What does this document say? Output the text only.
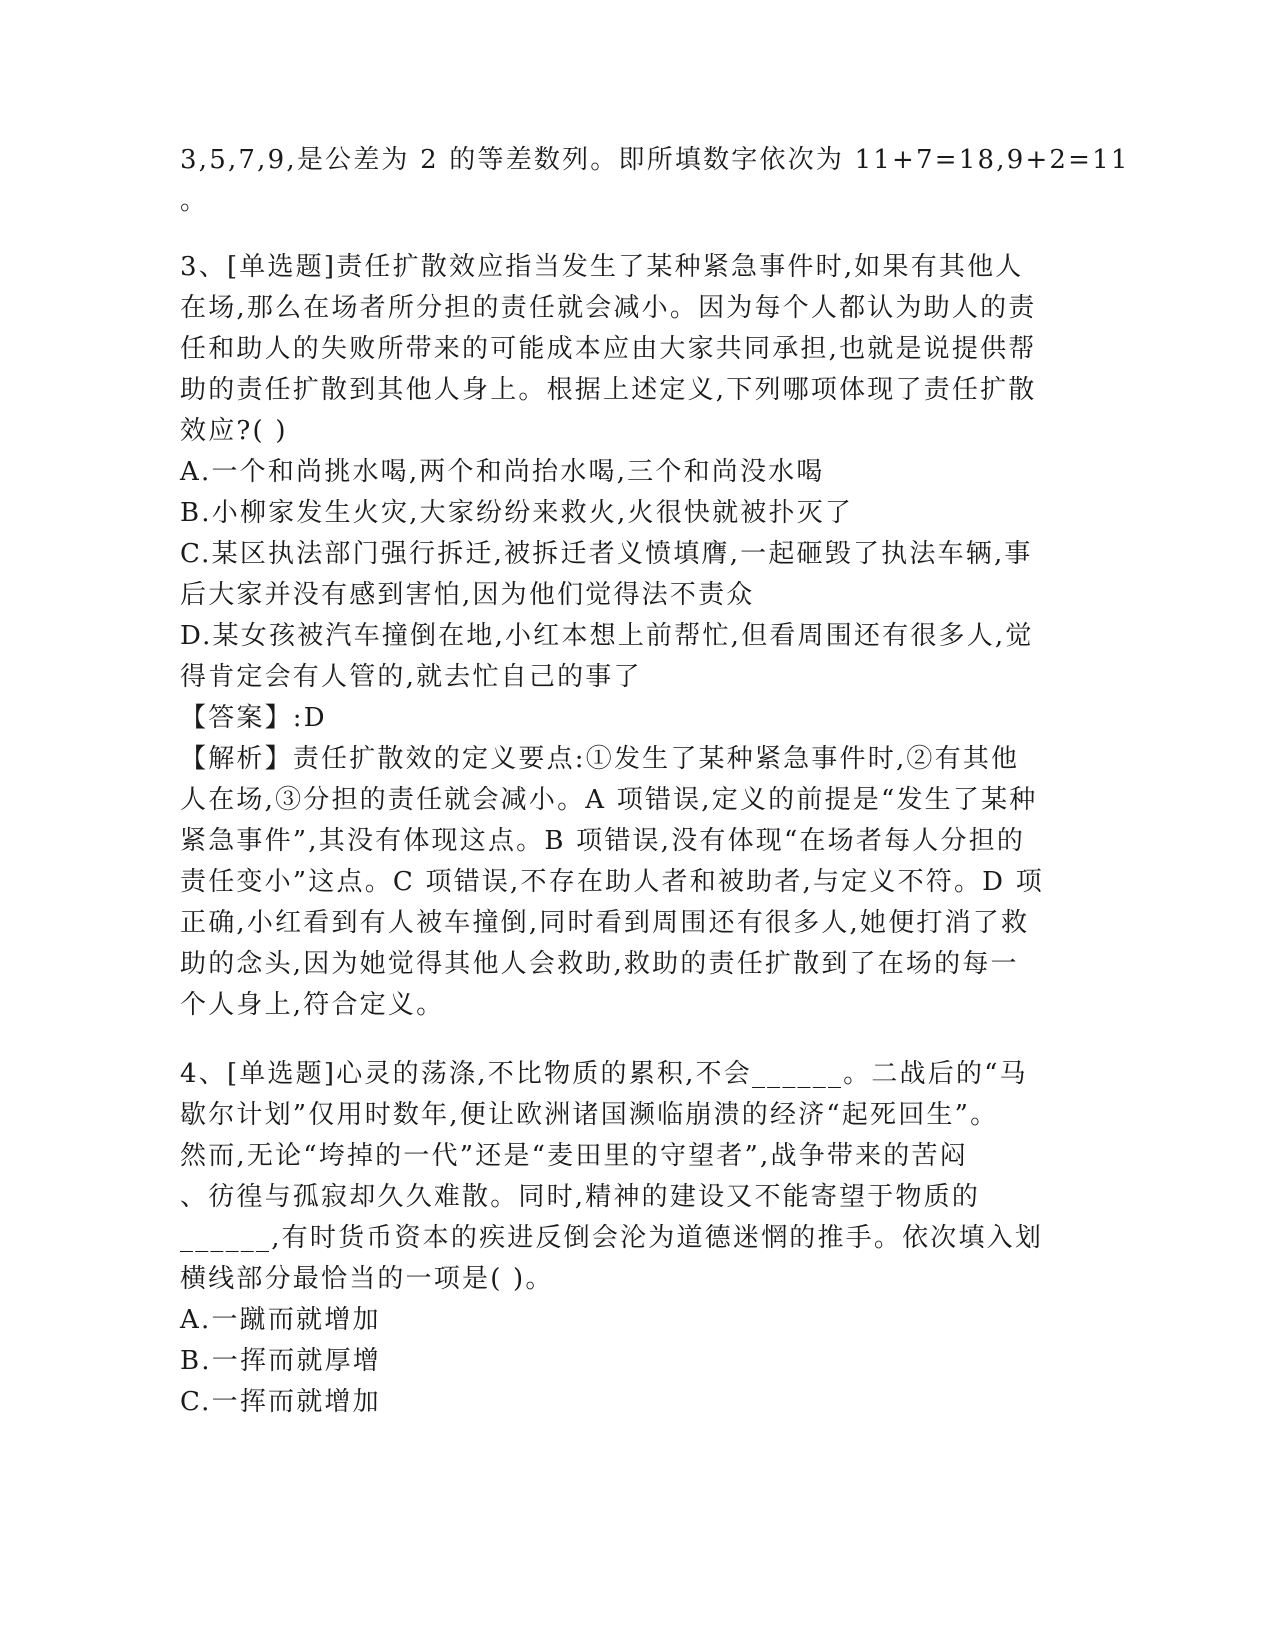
3,5,7,9,是公差为 2 的等差数列。即所填数字依次为 11+7=18,9+2=11
。
3、[单选题]责任扩散效应指当发生了某种紧急事件时,如果有其他人
在场,那么在场者所分担的责任就会减小。因为每个人都认为助人的责
任和助人的失败所带来的可能成本应由大家共同承担,也就是说提供帮
助的责任扩散到其他人身上。根据上述定义,下列哪项体现了责任扩散
效应?( )
A.一个和尚挑水喝,两个和尚抬水喝,三个和尚没水喝
B.小柳家发生火灾,大家纷纷来救火,火很快就被扑灭了
C.某区执法部门强行拆迁,被拆迁者义愤填膺,一起砸毁了执法车辆,事
后大家并没有感到害怕,因为他们觉得法不责众
D.某女孩被汽车撞倒在地,小红本想上前帮忙,但看周围还有很多人,觉
得肯定会有人管的,就去忙自己的事了
【答案】:D
【解析】责任扩散效的定义要点:①发生了某种紧急事件时,②有其他
人在场,③分担的责任就会减小。A 项错误,定义的前提是“发生了某种
紧急事件”,其没有体现这点。B 项错误,没有体现“在场者每人分担的
责任变小”这点。C 项错误,不存在助人者和被助者,与定义不符。D 项
正确,小红看到有人被车撞倒,同时看到周围还有很多人,她便打消了救
助的念头,因为她觉得其他人会救助,救助的责任扩散到了在场的每一
个人身上,符合定义。
4、[单选题]心灵的荡涤,不比物质的累积,不会______。二战后的“马
歇尔计划”仅用时数年,便让欧洲诸国濒临崩溃的经济“起死回生”。
然而,无论“垮掉的一代”还是“麦田里的守望者”,战争带来的苦闷
、彷徨与孤寂却久久难散。同时,精神的建设又不能寄望于物质的
______,有时货币资本的疾进反倒会沦为道德迷惘的推手。依次填入划
横线部分最恰当的一项是( )。
A.一蹴而就增加
B.一挥而就厚增
C.一挥而就增加
